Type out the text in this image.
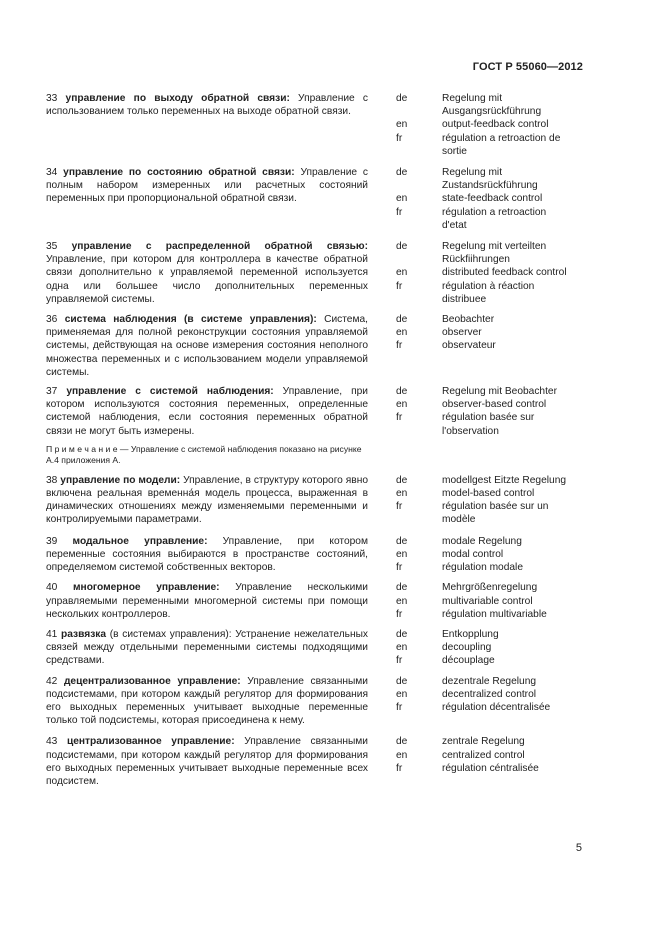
ГОСТ Р 55060—2012
33 управление по выходу обратной связи: Управление с использованием только переменных на выходе обратной связи.
de
en
fr
Regelung mit
Ausgangsrückführung
output-feedback control
régulation a retroaction de
sortie
34 управление по состоянию обратной связи: Управление с полным набором измеренных или расчетных состояний переменных при пропорциональной обратной связи.
de
en
fr
Regelung mit
Zustandsrückführung
state-feedback control
régulation a retroaction
d'etat
35 управление с распределенной обратной связью: Управление, при котором для контроллера в качестве обратной связи дополнительно к управляемой переменной используется одна или большее число дополнительных переменных управляемой системы.
de
en
fr
Regelung mit verteilten
Rückfiihrungen
distributed feedback control
régulation à réaction
distribuee
36 система наблюдения (в системе управления): Система, применяемая для полной реконструкции состояния управляемой системы, действующая на основе измерения состояния неполного множества переменных и с использованием модели управляемой системы.
de
en
fr
Beobachter
observer
observateur
37 управление с системой наблюдения: Управление, при котором используются состояния переменных, определенные системой наблюдения, если состояния переменных обратной связи не могут быть измерены.
П р и м е ч а н и е — Управление с системой наблюдения показано на рисунке А.4 приложения А.
de
en
fr
Regelung mit Beobachter
observer-based control
régulation basée sur
l'observation
38 управление по модели: Управление, в структуру которого явно включена реальная временна́я модель процесса, выраженная в динамических отношениях между изменяемыми переменными и контролируемыми параметрами.
de
en
fr
modellgest Eitzte Regelung
model-based control
régulation basée sur un
modèle
39 модальное управление: Управление, при котором переменные состояния выбираются в пространстве состояний, определяемом системой собственных векторов.
de
en
fr
modale Regelung
modal control
régulation modale
40 многомерное управление: Управление несколькими управляемыми переменными многомерной системы при помощи нескольких контроллеров.
de
en
fr
Mehrgrößenregelung
multivariable control
régulation multivariable
41 развязка (в системах управления): Устранение нежелательных связей между отдельными переменными системы подходящими средствами.
de
en
fr
Entkopplung
decoupling
découplage
42 децентрализованное управление: Управление связанными подсистемами, при котором каждый регулятор для формирования его выходных переменных учитывает выходные переменные только той подсистемы, которая присоединена к нему.
de
en
fr
dezentrale Regelung
decentralized control
régulation décentralisée
43 централизованное управление: Управление связанными подсистемами, при котором каждый регулятор для формирования его выходных переменных учитывает выходные переменные всех подсистем.
de
en
fr
zentrale Regelung
centralized control
régulation céntralisée
5
